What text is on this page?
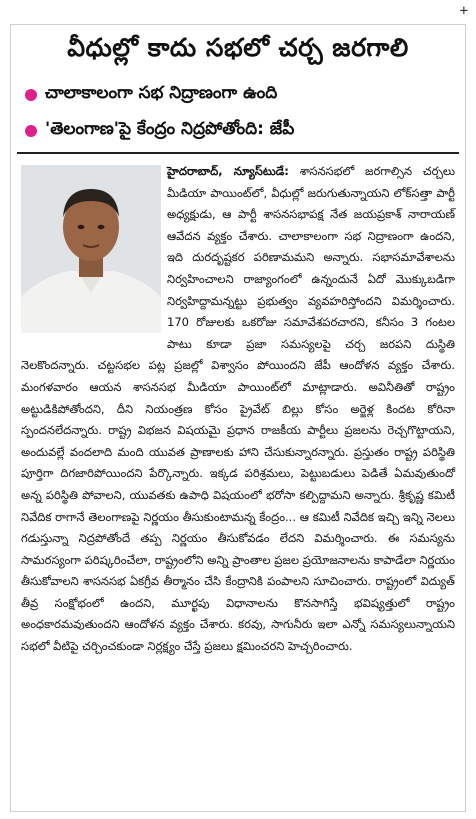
+
వీధుల్లో కాదు సభలో చర్చ జరగాలి
చాలాకాలంగా సభ నిద్రాణంగా ఉంది
'తెలంగాణ'పై కేంద్రం నిద్రపోతోంది: జేపీ

హైదరాబాద్, న్యూస్‌టుడే: శాసనసభలో జరగాల్సిన చర్చలు మీడియా పాయింట్‌లో, వీధుల్లో జరుగుతున్నాయని లోక్‌సత్తా పార్టీ అధ్యక్షుడు, ఆ పార్టీ శాసనసభాపక్ష నేత జయప్రకాశ్ నారాయణ్ ఆవేదన వ్యక్తం చేశారు. చాలాకాలంగా సభ నిద్రాణంగా ఉందని, ఇది దురదృష్టకర పరిణామమని అన్నారు. సభాసమావేశాలను నిర్వహించాలని రాజ్యాంగంలో ఉన్నందునే ఏదో మొక్కుబడిగా నిర్వహిద్దామన్నట్టు ప్రభుత్వం వ్యవహరిస్తోందని విమర్శించారు. 170 రోజులకు ఒకరోజు సమావేశపరచారని, కనీసం 3 గంటల పాటు కూడా ప్రజా సమస్యలపై చర్చ జరపని దుస్థితి నెలకొందన్నారు. చట్టసభల పట్ల ప్రజల్లో విశ్వాసం పోయిందని జేపీ ఆందోళన వ్యక్తం చేశారు. మంగళవారం ఆయన శాసనసభ మీడియా పాయింట్‌లో మాట్లాడారు. అవినీతితో రాష్ట్రం అట్టుడికిపోతోందని, దీని నియంత్రణ కోసం ప్రైవేట్ బిల్లు కోసం అర్జెళ్ల కిందట కోరినా స్పందనలేదన్నారు. రాష్ట్ర విభజన విషయమై ప్రధాన రాజకీయ పార్టీలు ప్రజలను రెచ్చగొట్టాయని, అందువల్లే వందలాది మంది యువత ప్రాణాలకు హాని చేసుకున్నారన్నారు. ప్రస్తుతం రాష్ట్ర పరిస్థితి పూర్తిగా దిగజారిపోయిందని పేర్కొన్నారు. ఇక్కడ పరిశ్రమలు, పెట్టుబడులు పెడితే ఏమవుతుందో అన్న పరిస్థితి పోవాలని, యువతకు ఉపాధి విషయంలో భరోసా కల్పిద్దామని అన్నారు. శ్రీకృష్ణ కమిటీ నివేదిక రాగానే తెలంగాణపై నిర్ణయం తీసుకుంటామన్న కేంద్రం... ఆ కమిటీ నివేదిక ఇచ్చి ఇన్ని నెలలు గడుస్తున్నా నిద్రపోతోందే తప్ప నిర్ణయం తీసుకోవడం లేదని విమర్శించారు. ఈ సమస్యను సామరస్యంగా పరిష్కరించేలా, రాష్ట్రంలోని అన్ని ప్రాంతాల ప్రజల ప్రయోజనాలను కాపాడేలా నిర్ణయం తీసుకోవాలని శాసనసభ ఏకగ్రీవ తీర్మానం చేసి కేంద్రానికి పంపాలని సూచించారు. రాష్ట్రంలో విద్యుత్ తీవ్ర సంక్షోభంలో ఉందని, మూర్ఖపు విధానాలను కొనసాగిస్తే భవిష్యత్తులో రాష్ట్రం అంధకారమవుతుందని ఆందోళన వ్యక్తం చేశారు. కరవు, సాగునీరు ఇలా ఎన్నో సమస్యలున్నాయని సభలో వీటిపై చర్చించకుండా నిర్లక్ష్యం చేస్తే ప్రజలు క్షమించరని హెచ్చరించారు.
